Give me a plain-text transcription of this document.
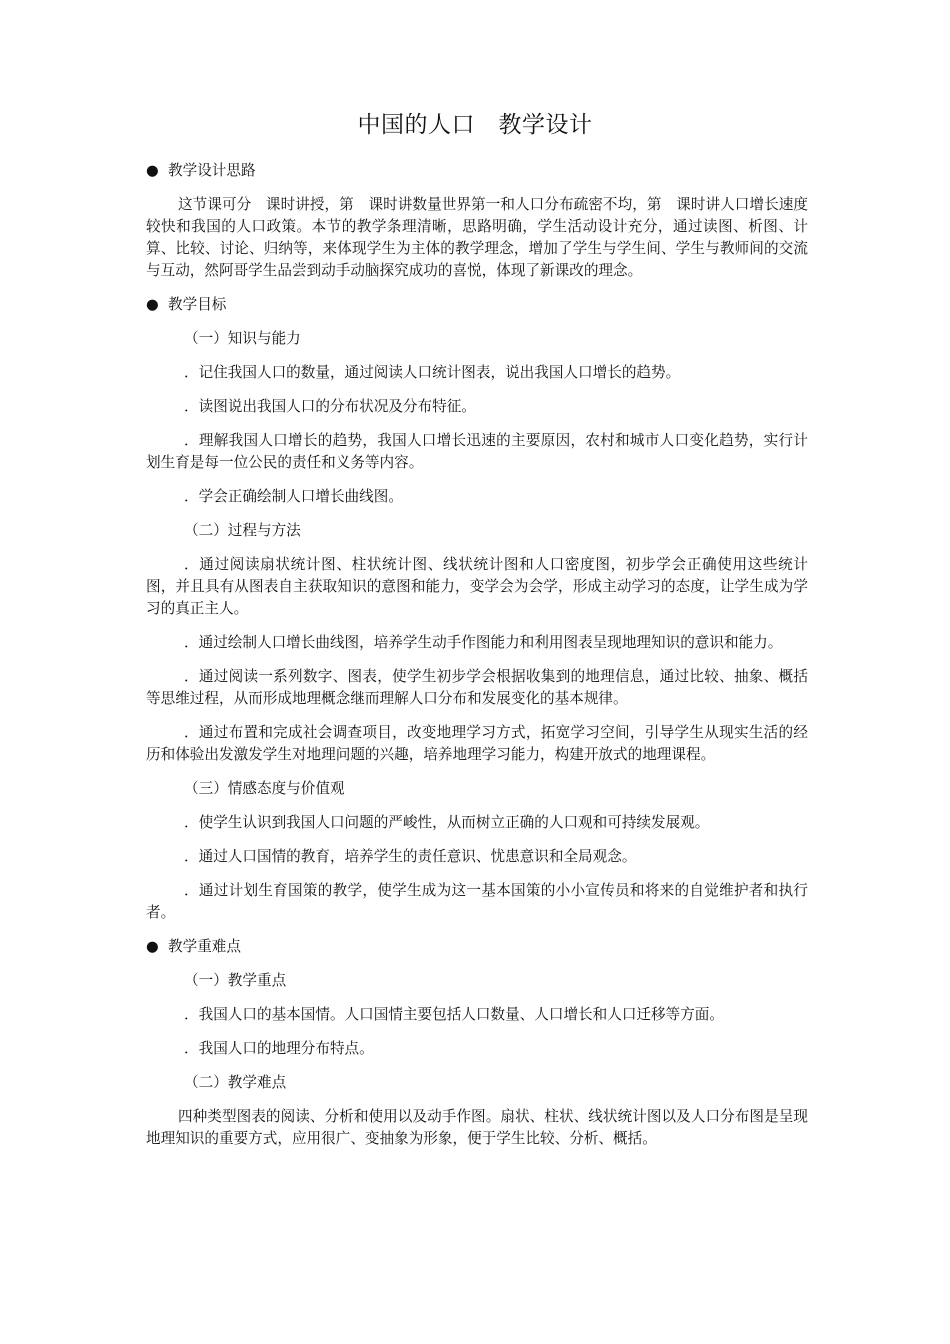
中国的人口　教学设计

● 教学设计思路

这节课可分　课时讲授，第　课时讲数量世界第一和人口分布疏密不均，第　课时讲人口增长速度较快和我国的人口政策。本节的教学条理清晰，思路明确，学生活动设计充分，通过读图、析图、计算、比较、讨论、归纳等，来体现学生为主体的教学理念，增加了学生与学生间、学生与教师间的交流与互动，然阿哥学生品尝到动手动脑探究成功的喜悦，体现了新课改的理念。

● 教学目标

（一）知识与能力

．记住我国人口的数量，通过阅读人口统计图表，说出我国人口增长的趋势。

．读图说出我国人口的分布状况及分布特征。

．理解我国人口增长的趋势，我国人口增长迅速的主要原因，农村和城市人口变化趋势，实行计划生育是每一位公民的责任和义务等内容。

．学会正确绘制人口增长曲线图。

（二）过程与方法

．通过阅读扇状统计图、柱状统计图、线状统计图和人口密度图，初步学会正确使用这些统计图，并且具有从图表自主获取知识的意图和能力，变学会为会学，形成主动学习的态度，让学生成为学习的真正主人。

．通过绘制人口增长曲线图，培养学生动手作图能力和利用图表呈现地理知识的意识和能力。

．通过阅读一系列数字、图表，使学生初步学会根据收集到的地理信息，通过比较、抽象、概括等思维过程，从而形成地理概念继而理解人口分布和发展变化的基本规律。

．通过布置和完成社会调查项目，改变地理学习方式，拓宽学习空间，引导学生从现实生活的经历和体验出发激发学生对地理问题的兴趣，培养地理学习能力，构建开放式的地理课程。

（三）情感态度与价值观

．使学生认识到我国人口问题的严峻性，从而树立正确的人口观和可持续发展观。

．通过人口国情的教育，培养学生的责任意识、忧患意识和全局观念。

．通过计划生育国策的教学，使学生成为这一基本国策的小小宣传员和将来的自觉维护者和执行者。

● 教学重难点

（一）教学重点

．我国人口的基本国情。人口国情主要包括人口数量、人口增长和人口迁移等方面。

．我国人口的地理分布特点。

（二）教学难点

四种类型图表的阅读、分析和使用以及动手作图。扇状、柱状、线状统计图以及人口分布图是呈现地理知识的重要方式，应用很广、变抽象为形象，便于学生比较、分析、概括。
